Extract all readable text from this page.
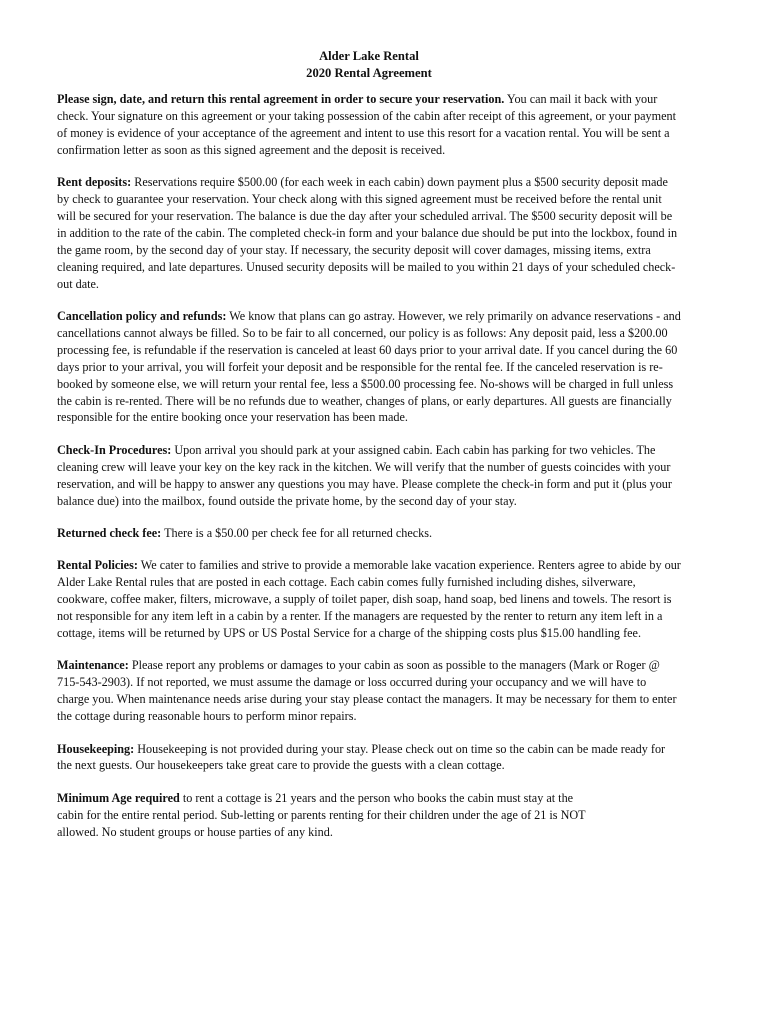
Alder Lake Rental
2020 Rental Agreement

Please sign, date, and return this rental agreement in order to secure your reservation. You can mail it back with your check. Your signature on this agreement or your taking possession of the cabin after receipt of this agreement, or your payment of money is evidence of your acceptance of the agreement and intent to use this resort for a vacation rental. You will be sent a confirmation letter as soon as this signed agreement and the deposit is received.

Rent deposits: Reservations require $500.00 (for each week in each cabin) down payment plus a $500 security deposit made by check to guarantee your reservation. Your check along with this signed agreement must be received before the rental unit will be secured for your reservation. The balance is due the day after your scheduled arrival. The $500 security deposit will be in addition to the rate of the cabin. The completed check-in form and your balance due should be put into the lockbox, found in the game room, by the second day of your stay. If necessary, the security deposit will cover damages, missing items, extra cleaning required, and late departures. Unused security deposits will be mailed to you within 21 days of your scheduled check-out date.

Cancellation policy and refunds: We know that plans can go astray. However, we rely primarily on advance reservations - and cancellations cannot always be filled. So to be fair to all concerned, our policy is as follows: Any deposit paid, less a $200.00 processing fee, is refundable if the reservation is canceled at least 60 days prior to your arrival date. If you cancel during the 60 days prior to your arrival, you will forfeit your deposit and be responsible for the rental fee. If the canceled reservation is re-booked by someone else, we will return your rental fee, less a $500.00 processing fee. No-shows will be charged in full unless the cabin is re-rented. There will be no refunds due to weather, changes of plans, or early departures. All guests are financially responsible for the entire booking once your reservation has been made.

Check-In Procedures: Upon arrival you should park at your assigned cabin. Each cabin has parking for two vehicles. The cleaning crew will leave your key on the key rack in the kitchen. We will verify that the number of guests coincides with your reservation, and will be happy to answer any questions you may have. Please complete the check-in form and put it (plus your balance due) into the mailbox, found outside the private home, by the second day of your stay.

Returned check fee: There is a $50.00 per check fee for all returned checks.

Rental Policies: We cater to families and strive to provide a memorable lake vacation experience. Renters agree to abide by our Alder Lake Rental rules that are posted in each cottage. Each cabin comes fully furnished including dishes, silverware, cookware, coffee maker, filters, microwave, a supply of toilet paper, dish soap, hand soap, bed linens and towels. The resort is not responsible for any item left in a cabin by a renter. If the managers are requested by the renter to return any item left in a cottage, items will be returned by UPS or US Postal Service for a charge of the shipping costs plus $15.00 handling fee.

Maintenance: Please report any problems or damages to your cabin as soon as possible to the managers (Mark or Roger @ 715-543-2903). If not reported, we must assume the damage or loss occurred during your occupancy and we will have to charge you. When maintenance needs arise during your stay please contact the managers. It may be necessary for them to enter the cottage during reasonable hours to perform minor repairs.

Housekeeping: Housekeeping is not provided during your stay. Please check out on time so the cabin can be made ready for the next guests. Our housekeepers take great care to provide the guests with a clean cottage.

Minimum Age required to rent a cottage is 21 years and the person who books the cabin must stay at the cabin for the entire rental period. Sub-letting or parents renting for their children under the age of 21 is NOT allowed. No student groups or house parties of any kind.
